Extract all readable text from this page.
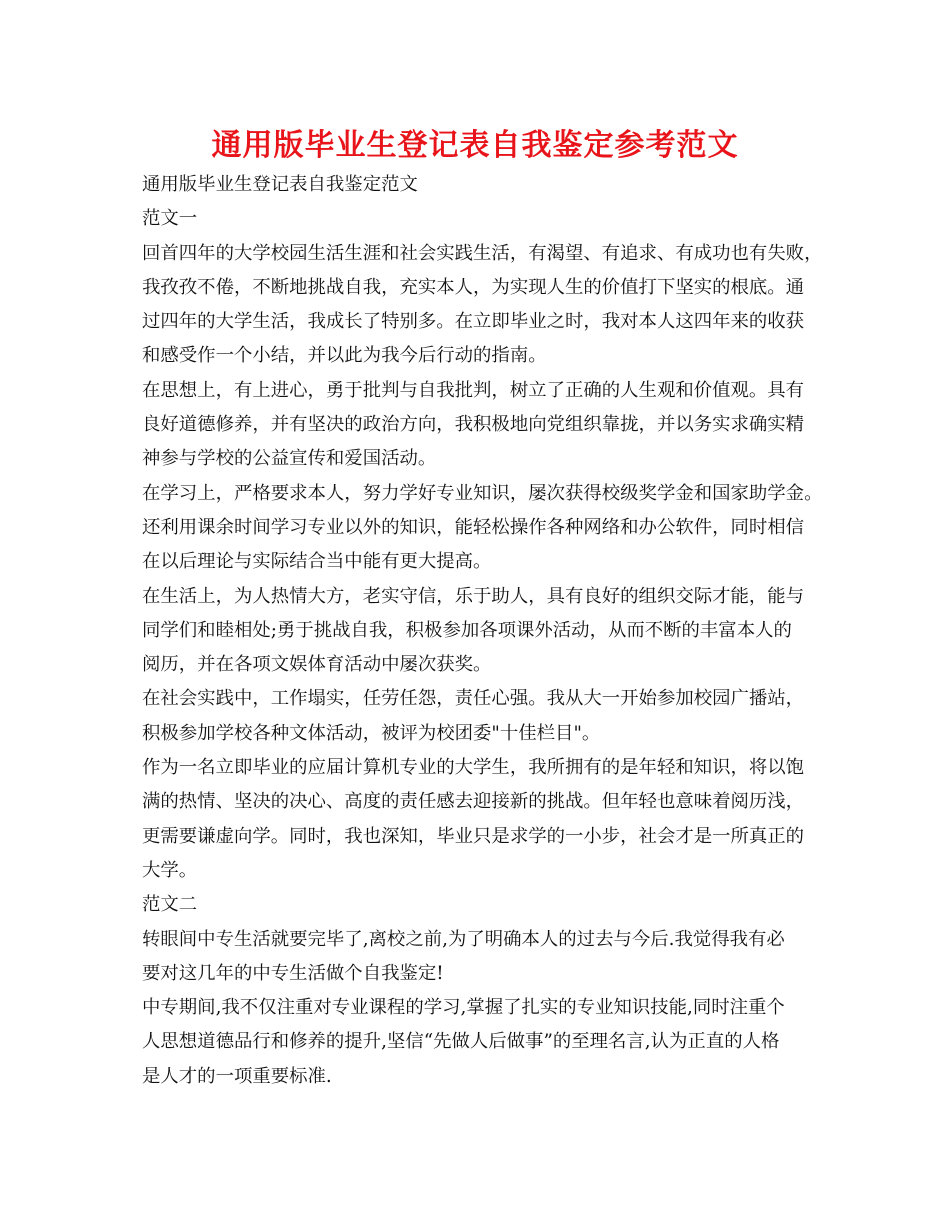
通用版毕业生登记表自我鉴定参考范文

通用版毕业生登记表自我鉴定范文

范文一

回首四年的大学校园生活生涯和社会实践生活，有渴望、有追求、有成功也有失败，
我孜孜不倦，不断地挑战自我，充实本人，为实现人生的价值打下坚实的根底。通
过四年的大学生活，我成长了特别多。在立即毕业之时，我对本人这四年来的收获
和感受作一个小结，并以此为我今后行动的指南。

在思想上，有上进心，勇于批判与自我批判，树立了正确的人生观和价值观。具有
良好道德修养，并有坚决的政治方向，我积极地向党组织靠拢，并以务实求确实精
神参与学校的公益宣传和爱国活动。

在学习上，严格要求本人，努力学好专业知识，屡次获得校级奖学金和国家助学金。
还利用课余时间学习专业以外的知识，能轻松操作各种网络和办公软件，同时相信
在以后理论与实际结合当中能有更大提高。

在生活上，为人热情大方，老实守信，乐于助人，具有良好的组织交际才能，能与
同学们和睦相处;勇于挑战自我，积极参加各项课外活动，从而不断的丰富本人的
阅历，并在各项文娱体育活动中屡次获奖。

在社会实践中，工作塌实，任劳任怨，责任心强。我从大一开始参加校园广播站，
积极参加学校各种文体活动，被评为校团委"十佳栏目"。

作为一名立即毕业的应届计算机专业的大学生，我所拥有的是年轻和知识，将以饱
满的热情、坚决的决心、高度的责任感去迎接新的挑战。但年轻也意味着阅历浅，
更需要谦虚向学。同时，我也深知，毕业只是求学的一小步，社会才是一所真正的
大学。

范文二

转眼间中专生活就要完毕了,离校之前,为了明确本人的过去与今后.我觉得我有必
要对这几年的中专生活做个自我鉴定!

中专期间,我不仅注重对专业课程的学习,掌握了扎实的专业知识技能,同时注重个
人思想道德品行和修养的提升,坚信“先做人后做事”的至理名言,认为正直的人格
是人才的一项重要标准.
